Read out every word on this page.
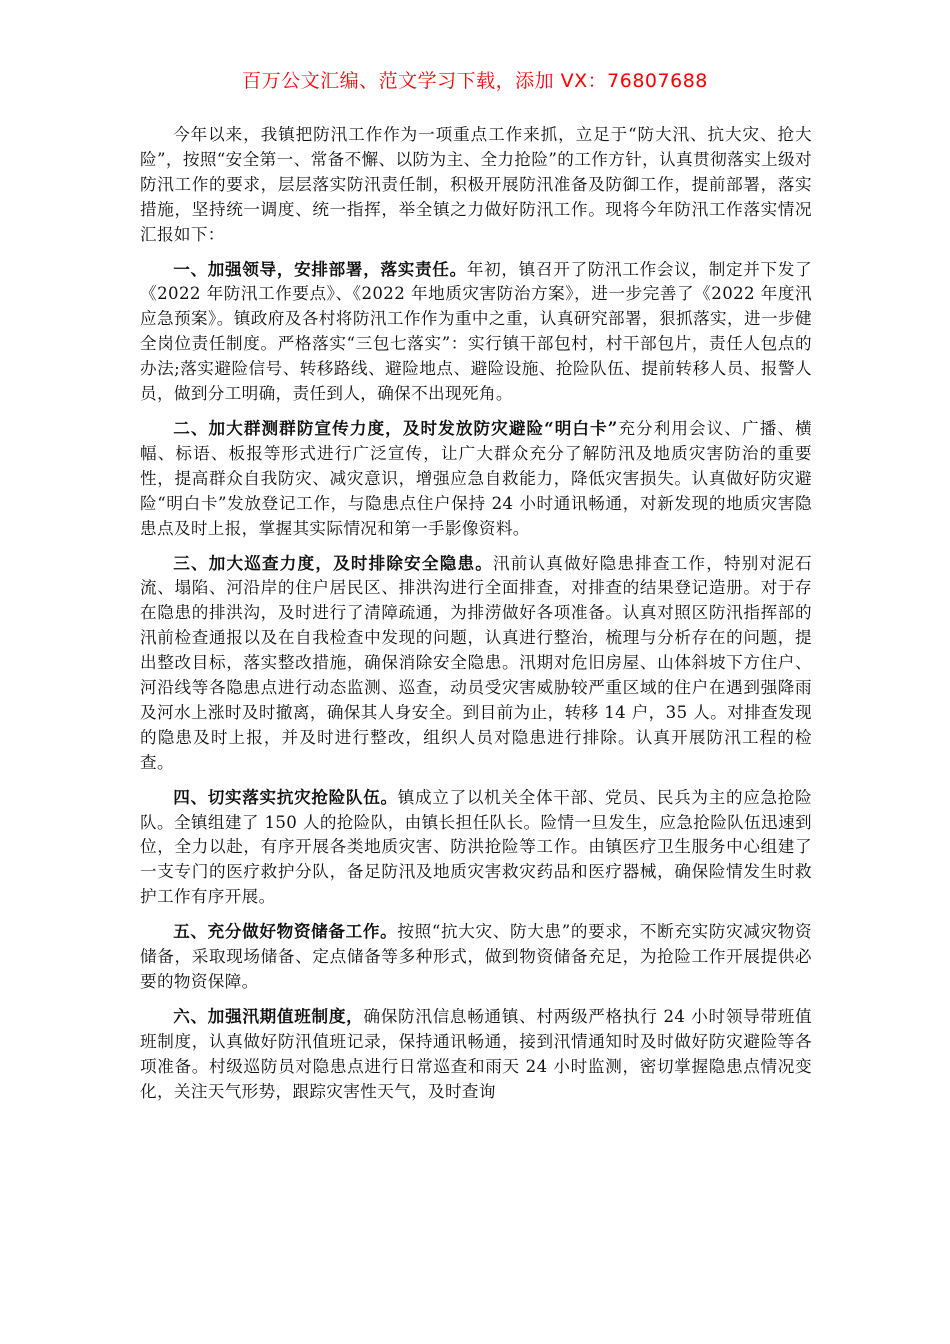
百万公文汇编、范文学习下载，添加 VX：76807688

今年以来，我镇把防汛工作作为一项重点工作来抓，立足于“防大汛、抗大灾、抢大险”，按照“安全第一、常备不懈、以防为主、全力抢险”的工作方针，认真贯彻落实上级对防汛工作的要求，层层落实防汛责任制，积极开展防汛准备及防御工作，提前部署，落实措施，坚持统一调度、统一指挥，举全镇之力做好防汛工作。现将今年防汛工作落实情况汇报如下：

一、加强领导，安排部署，落实责任。年初，镇召开了防汛工作会议，制定并下发了《2022 年防汛工作要点》、《2022 年地质灾害防治方案》，进一步完善了《2022 年度汛应急预案》。镇政府及各村将防汛工作作为重中之重，认真研究部署，狠抓落实，进一步健全岗位责任制度。严格落实“三包七落实”：实行镇干部包村，村干部包片，责任人包点的办法;落实避险信号、转移路线、避险地点、避险设施、抢险队伍、提前转移人员、报警人员，做到分工明确，责任到人，确保不出现死角。

二、加大群测群防宣传力度，及时发放防灾避险“明白卡”充分利用会议、广播、横幅、标语、板报等形式进行广泛宣传，让广大群众充分了解防汛及地质灾害防治的重要性，提高群众自我防灾、减灾意识，增强应急自救能力，降低灾害损失。认真做好防灾避险“明白卡”发放登记工作，与隐患点住户保持 24 小时通讯畅通，对新发现的地质灾害隐患点及时上报，掌握其实际情况和第一手影像资料。

三、加大巡查力度，及时排除安全隐患。汛前认真做好隐患排查工作，特别对泥石流、塌陷、河沿岸的住户居民区、排洪沟进行全面排查，对排查的结果登记造册。对于存在隐患的排洪沟，及时进行了清障疏通，为排涝做好各项准备。认真对照区防汛指挥部的汛前检查通报以及在自我检查中发现的问题，认真进行整治，梳理与分析存在的问题，提出整改目标，落实整改措施，确保消除安全隐患。汛期对危旧房屋、山体斜坡下方住户、河沿线等各隐患点进行动态监测、巡查，动员受灾害威胁较严重区域的住户在遇到强降雨及河水上涨时及时撤离，确保其人身安全。到目前为止，转移 14 户，35 人。对排查发现的隐患及时上报，并及时进行整改，组织人员对隐患进行排除。认真开展防汛工程的检查。

四、切实落实抗灾抢险队伍。镇成立了以机关全体干部、党员、民兵为主的应急抢险队。全镇组建了 150 人的抢险队，由镇长担任队长。险情一旦发生，应急抢险队伍迅速到位，全力以赴，有序开展各类地质灾害、防洪抢险等工作。由镇医疗卫生服务中心组建了一支专门的医疗救护分队，备足防汛及地质灾害救灾药品和医疗器械，确保险情发生时救护工作有序开展。

五、充分做好物资储备工作。按照“抗大灾、防大患”的要求，不断充实防灾减灾物资储备，采取现场储备、定点储备等多种形式，做到物资储备充足，为抢险工作开展提供必要的物资保障。

六、加强汛期值班制度，确保防汛信息畅通镇、村两级严格执行 24 小时领导带班值班制度，认真做好防汛值班记录，保持通讯畅通，接到汛情通知时及时做好防灾避险等各项准备。村级巡防员对隐患点进行日常巡查和雨天 24 小时监测，密切掌握隐患点情况变化，关注天气形势，跟踪灾害性天气，及时查询
